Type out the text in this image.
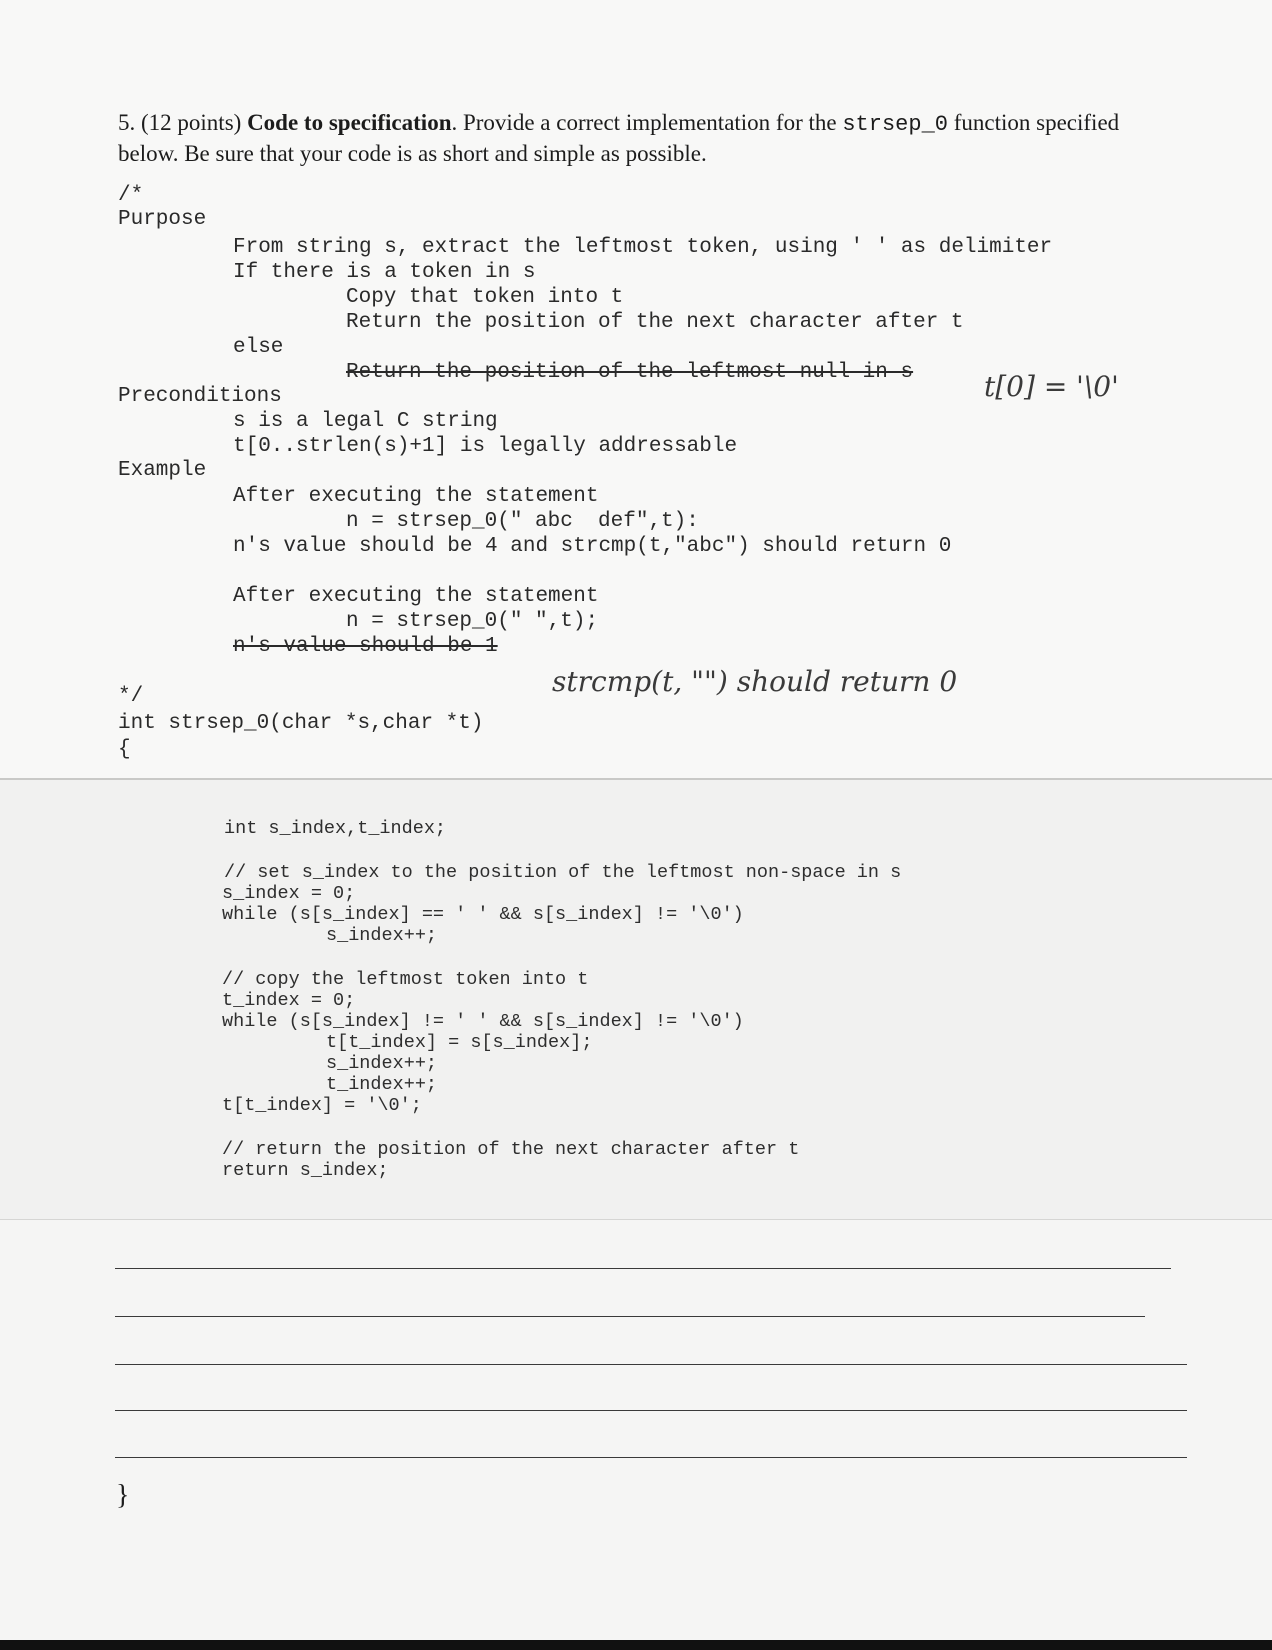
5. (12 points) Code to specification. Provide a correct implementation for the strsep_0 function specified below. Be sure that your code is as short and simple as possible.
/*
Purpose
From string s, extract the leftmost token, using ' ' as delimiter
If there is a token in s
Copy that token into t
Return the position of the next character after t
else
Return the position of the leftmost null in s	t[0] = '\0'
Preconditions
s is a legal C string
t[0..strlen(s)+1] is legally addressable
Example
After executing the statement
n = strsep_0(" abc  def",t):
n's value should be 4 and strcmp(t,"abc") should return 0
After executing the statement
n = strsep_0(" ",t);
n's value should be 1
strcmp(t, "") should return 0
*/
int strsep_0(char *s,char *t)
{
int s_index,t_index;
// set s_index to the position of the leftmost non-space in s
s_index = 0;
while (s[s_index] == ' ' && s[s_index] != '\0')
s_index++;
// copy the leftmost token into t
t_index = 0;
while (s[s_index] != ' ' && s[s_index] != '\0')
t[t_index] = s[s_index];
s_index++;
t_index++;
t[t_index] = '\0';
// return the position of the next character after t
return s_index;
}
